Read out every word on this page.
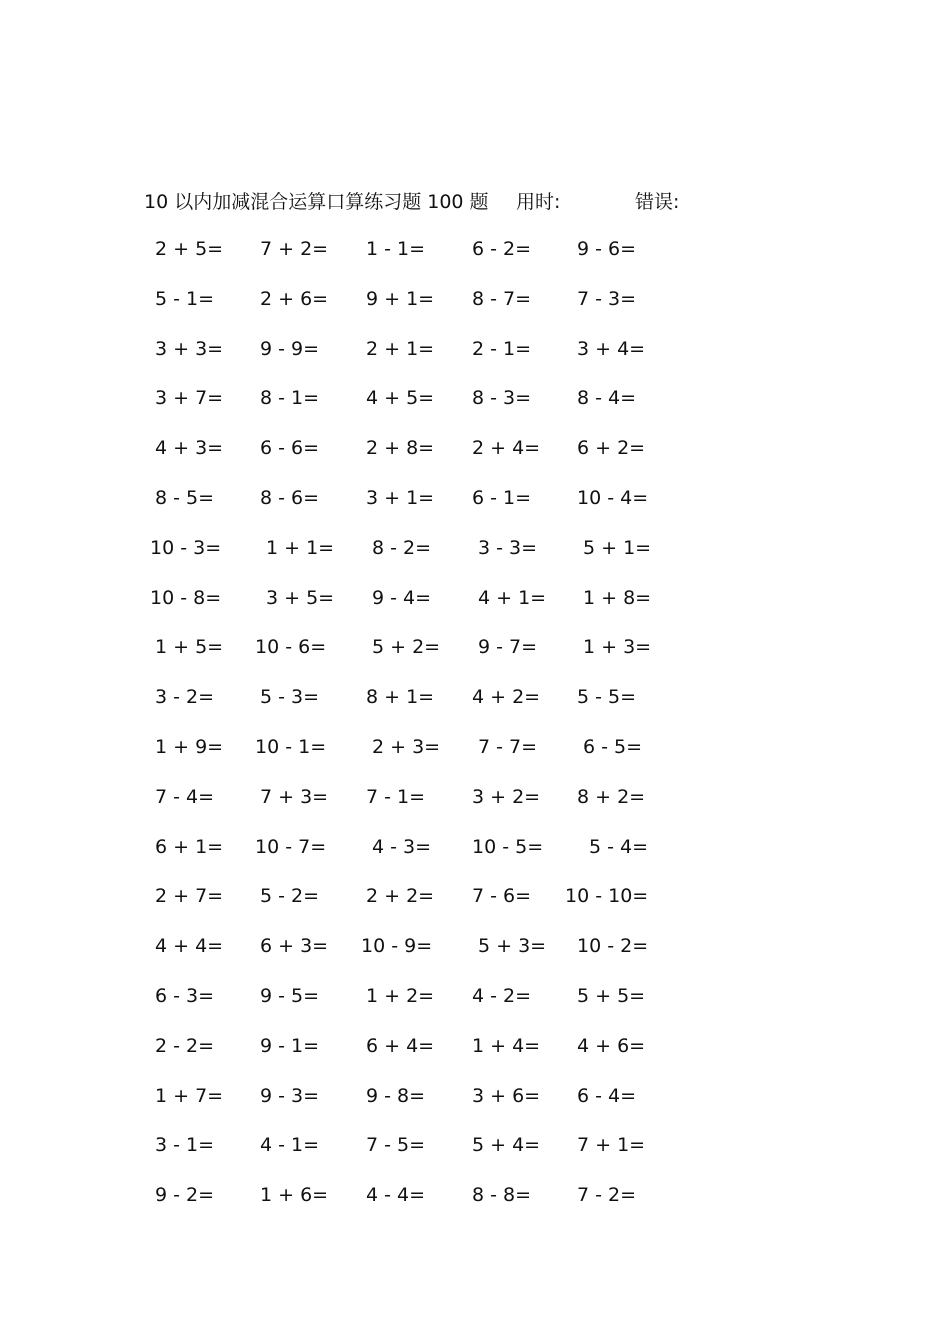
10 以内加减混合运算口算练习题 100 题	用时:	错误:
2 + 5= 7 + 2= 1 - 1= 6 - 2= 9 - 6=
5 - 1= 2 + 6= 9 + 1= 8 - 7= 7 - 3=
3 + 3= 9 - 9= 2 + 1= 2 - 1= 3 + 4=
3 + 7= 8 - 1= 4 + 5= 8 - 3= 8 - 4=
4 + 3= 6 - 6= 2 + 8= 2 + 4= 6 + 2=
8 - 5= 8 - 6= 3 + 1= 6 - 1= 10 - 4=
10 - 3= 1 + 1= 8 - 2= 3 - 3= 5 + 1=
10 - 8= 3 + 5= 9 - 4= 4 + 1= 1 + 8=
1 + 5= 10 - 6= 5 + 2= 9 - 7= 1 + 3=
3 - 2= 5 - 3= 8 + 1= 4 + 2= 5 - 5=
1 + 9= 10 - 1= 2 + 3= 7 - 7= 6 - 5=
7 - 4= 7 + 3= 7 - 1= 3 + 2= 8 + 2=
6 + 1= 10 - 7= 4 - 3= 10 - 5= 5 - 4=
2 + 7= 5 - 2= 2 + 2= 7 - 6= 10 - 10=
4 + 4= 6 + 3= 10 - 9= 5 + 3= 10 - 2=
6 - 3= 9 - 5= 1 + 2= 4 - 2= 5 + 5=
2 - 2= 9 - 1= 6 + 4= 1 + 4= 4 + 6=
1 + 7= 9 - 3= 9 - 8= 3 + 6= 6 - 4=
3 - 1= 4 - 1= 7 - 5= 5 + 4= 7 + 1=
9 - 2= 1 + 6= 4 - 4= 8 - 8= 7 - 2=
